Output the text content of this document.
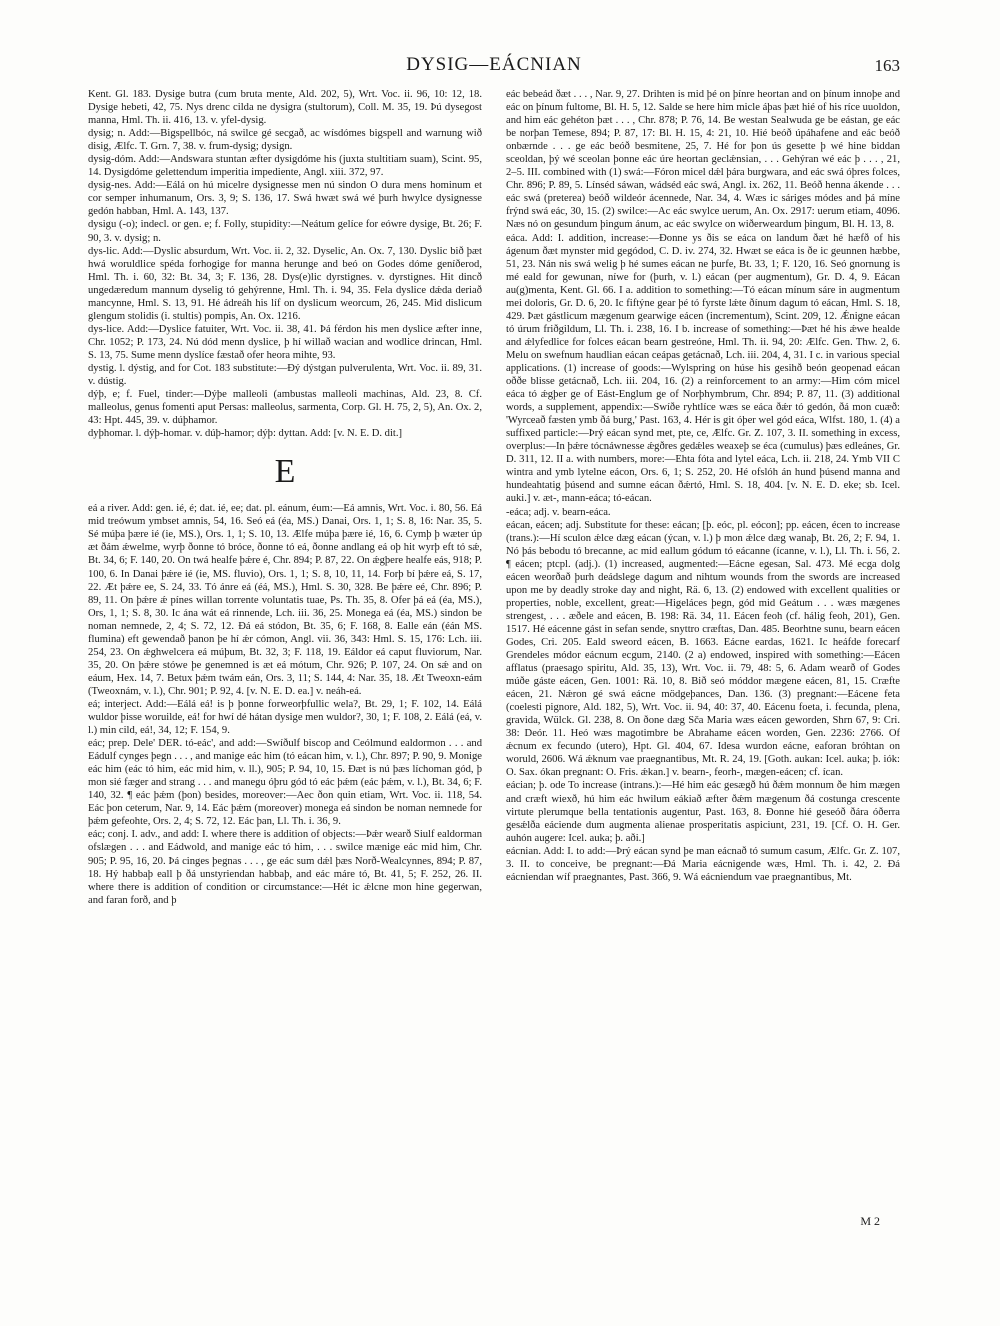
DYSIG—EÁCNIAN	163

Kent. Gl. 183. Dysige butra (cum bruta mente, Ald. 202, 5), Wrt. Voc. ii. 96, 10: 12, 18. Dysige hebeti, 42, 75. Nys drenc cilda ne dysigra (stultorum), Coll. M. 35, 19. Þú dysegost manna, Hml. Th. ii. 416, 13. v. yfel-dysig.

dysig; n. Add:—Bigspellbóc, ná swilce gé secgað, ac wísdómes bigspell and warnung wið disig, Ælfc. T. Grn. 7, 38. v. frum-dysig; dysign.

dysig-dóm. Add:—Andswara stuntan æfter dysigdóme his (juxta stultitiam suam), Scint. 95, 14. Dysigdóme gelettendum imperitia impediente, Angl. xiii. 372, 97.

dysig-nes. Add:—Eálá on hú micelre dysignesse men nú sindon O dura mens hominum et cor semper inhumanum, Ors. 3, 9; S. 136, 17. Swá hwæt swá wé þurh hwylce dysignesse gedón habban, Hml. A. 143, 137.

dysigu (-o); indecl. or gen. e; f. Folly, stupidity:—Neátum gelíce for eówre dysige, Bt. 26; F. 90, 3. v. dysig; n.

dys-lic. Add:—Dyslic absurdum, Wrt. Voc. ii. 2, 32. Dyselic, An. Ox. 7, 130. Dyslic bið þæt hwá woruldlice spéda forhogige for manna herunge and beó on Godes dóme geníðerod, Hml. Th. i. 60, 32: Bt. 34, 3; F. 136, 28. Dys(e)lic dyrstignes. v. dyrstignes. Hit dincð ungedæredum mannum dyselig tó gehýrenne, Hml. Th. i. 94, 35. Fela dyslice dǽda deriað mancynne, Hml. S. 13, 91. Hé ádreáh his líf on dyslicum weorcum, 26, 245. Mid dislicum glengum stolidis (i. stultis) pompis, An. Ox. 1216.

dys-lice. Add:—Dyslice fatuiter, Wrt. Voc. ii. 38, 41. Þá férdon his men dyslice æfter inne, Chr. 1052; P. 173, 24. Nú dód menn dyslice, þ hí willað wacian and wodlice drincan, Hml. S. 13, 75. Sume menn dyslíce fæstað ofer heora mihte, 93.

dystig. l. dýstig, and for Cot. 183 substitute:—Ðý dýstgan pulverulenta, Wrt. Voc. ii. 89, 31. v. dústig.

dýþ, e; f. Fuel, tinder:—Dýþe malleoli (ambustas malleoli machinas, Ald. 23, 8. Cf. malleolus, genus fomenti aput Persas: malleolus, sarmenta, Corp. Gl. H. 75, 2, 5), An. Ox. 2, 43: Hpt. 445, 39. v. dúþhamor.

dyþhomar. l. dýþ-homar. v. dúþ-hamor; dýþ: dyttan. Add: [v. N. E. D. dit.]

E

eá a river. Add: gen. ié, é; dat. ié, ee; dat. pl. eánum, éum:—Eá amnis, Wrt. Voc. i. 80, 56. Eá mid treówum ymbset amnis, 54, 16. Seó eá (éa, MS.) Danai, Ors. 1, 1; S. 8, 16: Nar. 35, 5. Sé múþa þære ié (ie, MS.), Ors. 1, 1; S. 10, 13. Ælfe múþa þære ié, 16, 6. Cymþ þ wæter úp æt ðám ǽwelme, wyrþ ðonne tó bróce, ðonne tó eá, ðonne andlang eá oþ hit wyrþ eft tó sǽ, Bt. 34, 6; F. 140, 20. On twá healfe þǽre é, Chr. 894; P. 87, 22. On ǽgþere healfe eás, 918; P. 100, 6. In Danai þǽre ié (ie, MS. fluvio), Ors. 1, 1; S. 8, 10, 11, 14. Forþ bí þǽre eá, S. 17, 22. Æt þǽre ee, S. 24, 33. Tó ánre eá (éá, MS.), Hml. S. 30, 328. Be þǽre eé, Chr. 896; P. 89, 11. On þǽre ǽ pínes willan torrente voluntatis tuae, Ps. Th. 35, 8. Ofer þá eá (éa, MS.), Ors, 1, 1; S. 8, 30. Ic ána wát eá rinnende, Lch. iii. 36, 25. Monega eá (éa, MS.) sindon be noman nemnede, 2, 4; S. 72, 12. Ðá eá stódon, Bt. 35, 6; F. 168, 8. Ealle eán (éán MS. flumina) eft gewendað þanon þe hí ǽr cómon, Angl. vii. 36, 343: Hml. S. 15, 176: Lch. iii. 254, 23. On ǽghwelcera eá múþum, Bt. 32, 3; F. 118, 19. Eáldor eá caput fluviorum, Nar. 35, 20. On þǽre stówe þe genemned is æt eá mótum, Chr. 926; P. 107, 24. On sǽ and on eáum, Hex. 14, 7. Betux þǽm twám eán, Ors. 3, 11; S. 144, 4: Nar. 35, 18. Æt Tweoxn-eám (Tweoxnám, v. l.), Chr. 901; P. 92, 4. [v. N. E. D. ea.] v. neáh-eá.

eá; interject. Add:—Eálá eá! is þ þonne forweorþfullic wela?, Bt. 29, 1; F. 102, 14. Eálá wuldor þisse woruilde, eá! for hwí dé hátan dysige men wuldor?, 30, 1; F. 108, 2. Eálá (eá, v. l.) min cild, eá!, 34, 12; F. 154, 9.

eác; prep. Dele' DER. tó-eác', and add:—Swíðulf biscop and Ceólmund ealdormon . . . and Eádulf cynges þegn . . . , and manige eác him (tó eácan him, v. l.), Chr. 897; P. 90, 9. Monige eác him (eác tó him, eác mid him, v. ll.), 905; P. 94, 10, 15. Ðæt is nú þæs líchoman gód, þ mon sié fæger and strang . . . and manegu óþru gód tó eác þǽm (eác þǽm, v. l.), Bt. 34, 6; F. 140, 32. ¶ eác þǽm (þon) besides, moreover:—Aec ðon quin etiam, Wrt. Voc. ii. 118, 54. Eác þon ceterum, Nar. 9, 14. Eác þǽm (moreover) monega eá sindon be noman nemnede for þǽm gefeohte, Ors. 2, 4; S. 72, 12. Eác þan, Ll. Th. i. 36, 9.

eác; conj. I. adv., and add: I. where there is addition of objects:—Þǽr wearð Siulf ealdorman ofslægen . . . and Eádwold, and manige eác tó him, . . . swilce mænige eác mid him, Chr. 905; P. 95, 16, 20. Þá cinges þegnas . . . , ge eác sum dǽl þæs Norð-Wealcynnes, 894; P. 87, 18. Hý habbaþ eall þ ðá unstyriendan habbaþ, and eác máre tó, Bt. 41, 5; F. 252, 26. II. where there is addition of condition or circumstance:—Hét ic ǽlcne mon hine gegerwan, and faran forð, and þ

eác bebeád ðæt . . . , Nar. 9, 27. Drihten is mid þé on þínre heortan and on þínum innoþe and eác on þínum fultome, Bl. H. 5, 12. Salde se here him micle áþas þæt hié of his ríce uuoldon, and him eác gehéton þæt . . . , Chr. 878; P. 76, 14. Be westan Sealwuda ge be eástan, ge eác be norþan Temese, 894; P. 87, 17: Bl. H. 15, 4: 21, 10. Hié beóð úpáhafene and eác beóð onbærnde . . . ge eác beóð besmitene, 25, 7. Hé for þon ús gesette þ wé hine biddan sceoldan, þý wé sceolan þonne eác úre heortan geclǽnsian, . . . Gehýran wé eác þ . . . , 21, 2–5. III. combined with (1) swá:—Fóron micel dǽl þára burgwara, and eác swá óþres folces, Chr. 896; P. 89, 5. Línséd sáwan, wádséd eác swá, Angl. ix. 262, 11. Beóð henna ákende . . . eác swá (preterea) beóð wildeór ácennede, Nar. 34, 4. Wæs ic sáriges módes and þá míne frýnd swá eác, 30, 15. (2) swilce:—Ac eác swylce uerum, An. Ox. 2917: uerum etiam, 4096. Næs nó on gesundum þingum ánum, ac eác swylce on wiðerweardum þingum, Bl. H. 13, 8.

eáca. Add: I. addition, increase:—Ðonne ys ðis se eáca on landum ðæt hé hæfð of his ágenum ðæt mynster mid gegódod, C. D. iv. 274, 32. Hwæt se eáca is ðe ic geunnen hæbbe, 51, 23. Nán nis swá welig þ hé sumes eácan ne þurfe, Bt. 33, 1; F. 120, 16. Seó gnornung is mé eald for gewunan, níwe for (þurh, v. l.) eácan (per augmentum), Gr. D. 4, 9. Eácan au(g)menta, Kent. Gl. 66. I a. addition to something:—Tó eácan mínum sáre in augmentum mei doloris, Gr. D. 6, 20. Ic fiftýne gear þé tó fyrste lǽte ðínum dagum tó eácan, Hml. S. 18, 429. Þæt gástlicum mægenum gearwige eácen (incrementum), Scint. 209, 12. Ǽnigne eácan tó úrum friðgildum, Ll. Th. i. 238, 16. I b. increase of something:—Þæt hé his ǽwe healde and ǽlyfedlice for folces eácan bearn gestreóne, Hml. Th. ii. 94, 20: Ælfc. Gen. Thw. 2, 6. Melu on swefnum haudlian eácan ceápas getácnað, Lch. iii. 204, 4, 31. I c. in various special applications. (1) increase of goods:—Wylspring on húse his gesihð beón geopenad eácan oððe blisse getácnað, Lch. iii. 204, 16. (2) a reinforcement to an army:—Him cóm micel eáca tó ǽgþer ge of Eást-Englum ge of Norþhymbrum, Chr. 894; P. 87, 11. (3) additional words, a supplement, appendix:—Swíðe ryhtlíce wæs se eáca ðǽr tó gedón, ðá mon cuæð: 'Wyrceað fæsten ymb ðá burg,' Past. 163, 4. Hér is git óþer wel gód eáca, Wlfst. 180, 1. (4) a suffixed particle:—Þrý eácan synd met, pte, ce, Ælfc. Gr. Z. 107, 3. II. something in excess, overplus:—In þǽre tócnáwnesse ǽgðres gedǽles weaxeþ se éca (cumulus) þæs edleánes, Gr. D. 311, 12. II a. with numbers, more:—Ehta fóta and lytel eáca, Lch. ii. 218, 24. Ymb VII C wintra and ymb lytelne eácon, Ors. 6, 1; S. 252, 20. Hé ofslóh án hund þúsend manna and hundeahtatig þúsend and sumne eácan ðǽrtó, Hml. S. 18, 404. [v. N. E. D. eke; sb. Icel. auki.] v. æt-, mann-eáca; tó-eácan.

-eáca; adj. v. bearn-eáca.

eácan, eácen; adj. Substitute for these: eácan; [þ. eóc, pl. eócon]; pp. eácen, écen to increase (trans.):—Hí sculon ǽlce dæg eácan (ýcan, v. l.) þ mon ǽlce dæg wanaþ, Bt. 26, 2; F. 94, 1. Nó þás bebodu tó brecanne, ac mid eallum gódum tó eácanne (ícanne, v. l.), Ll. Th. i. 56, 2. ¶ eácen; ptcpl. (adj.). (1) increased, augmented:—Eácne egesan, Sal. 473. Mé ecga dolg eácen weorðað þurh deádslege dagum and nihtum wounds from the swords are increased upon me by deadly stroke day and night, Rä. 6, 13. (2) endowed with excellent qualities or properties, noble, excellent, great:—Higeláces þegn, gód mid Geátum . . . wæs mægenes strengest, . . . æðele and eácen, B. 198: Rä. 34, 11. Eácen feoh (cf. hálig feoh, 201), Gen. 1517. Hé eácenne gást in sefan sende, snyttro cræftas, Dan. 485. Beorhtne sunu, bearn eácen Godes, Cri. 205. Eald sweord eácen, B. 1663. Eácne eardas, 1621. Ic heáfde forecarf Grendeles módor eácnum ecgum, 2140. (2 a) endowed, inspired with something:—Eácen afflatus (praesago spiritu, Ald. 35, 13), Wrt. Voc. ii. 79, 48: 5, 6. Adam wearð of Godes múðe gáste eácen, Gen. 1001: Rä. 10, 8. Bið seó móddor mægene eácen, 81, 15. Cræfte eácen, 21. Nǽron gé swá eácne mödgeþances, Dan. 136. (3) pregnant:—Eácene feta (coelesti pignore, Ald. 182, 5), Wrt. Voc. ii. 94, 40: 37, 40. Eácenu foeta, i. fecunda, plena, gravida, Wülck. Gl. 238, 8. On ðone dæg Sča Maria wæs eácen geworden, Shrn 67, 9: Cri. 38: Deór. 11. Heó wæs magotimbre be Abrahame eácen worden, Gen. 2236: 2766. Of ǽcnum ex fecundo (utero), Hpt. Gl. 404, 67. Idesa wurdon eácne, eaforan bróhtan on woruld, 2606. Wá ǽknum vae praegnantibus, Mt. R. 24, 19. [Goth. aukan: Icel. auka; þ. iók: O. Sax. ókan pregnant: O. Fris. ǽkan.] v. bearn-, feorh-, mægen-eácen; cf. ícan.

eácian; þ. ode To increase (intrans.):—Hé him eác gesægð hú ðǽm monnum ðe him mægen and cræft wiexð, hú him eác hwilum eákiað æfter ðǽm mægenum ðá costunga crescente virtute plerumque bella tentationis augentur, Past. 163, 8. Ðonne hié geseóð ðára óðerra gesǽlða eáciende dum augmenta alienae prosperitatis aspiciunt, 231, 19. [Cf. O. H. Ger. auhón augere: Icel. auka; þ. aði.]

eácnian. Add: I. to add:—Þrý eácan synd þe man eácnað tó sumum casum, Ælfc. Gr. Z. 107, 3. II. to conceive, be pregnant:—Ðá Maria eácnigende wæs, Hml. Th. i. 42, 2. Ðá eácniendan wíf praegnantes, Past. 366, 9. Wá eácniendum vae praegnantibus, Mt.

M 2
